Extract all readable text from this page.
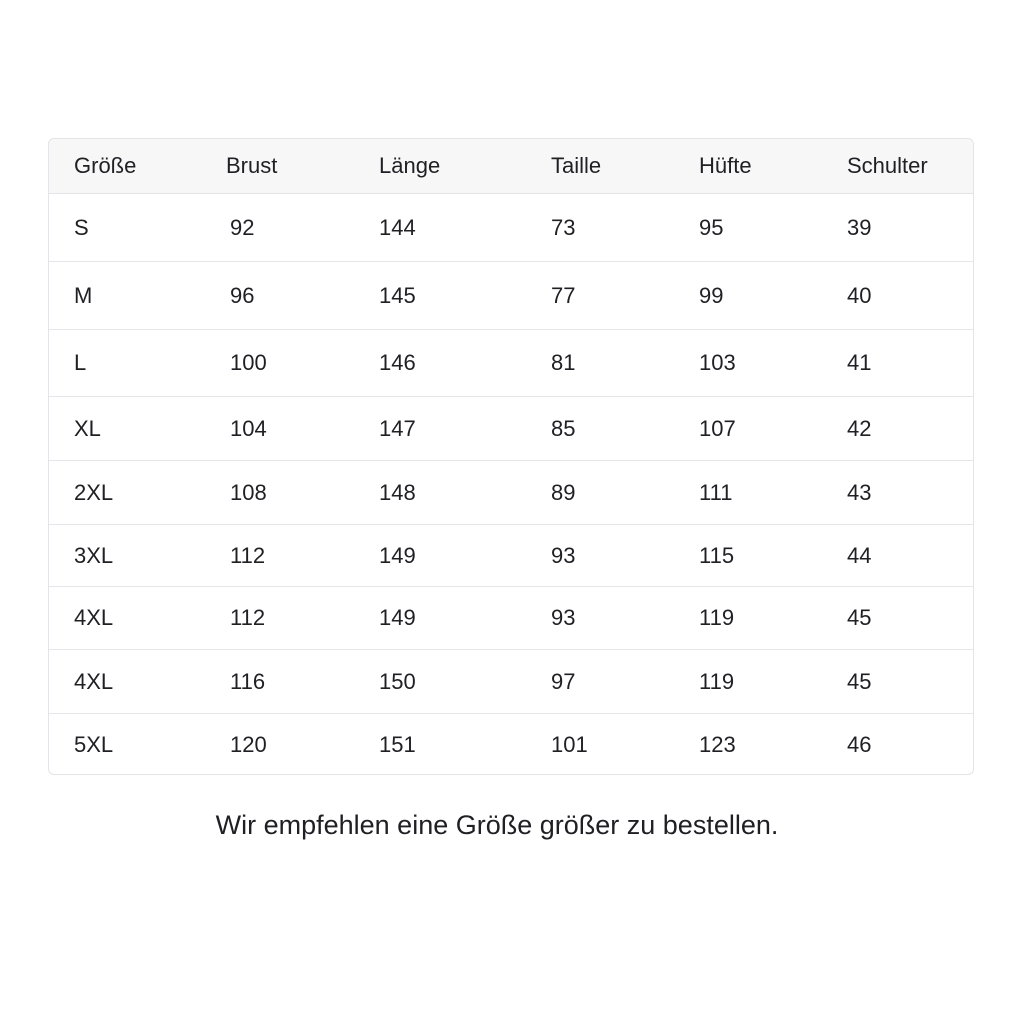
Größe	Brust	Länge	Taille	Hüfte	Schulter
S	92	144	73	95	39
M	96	145	77	99	40
L	100	146	81	103	41
XL	104	147	85	107	42
2XL	108	148	89	111	43
3XL	112	149	93	115	44
4XL	112	149	93	119	45
4XL	116	150	97	119	45
5XL	120	151	101	123	46
Wir empfehlen eine Größe größer zu bestellen.
